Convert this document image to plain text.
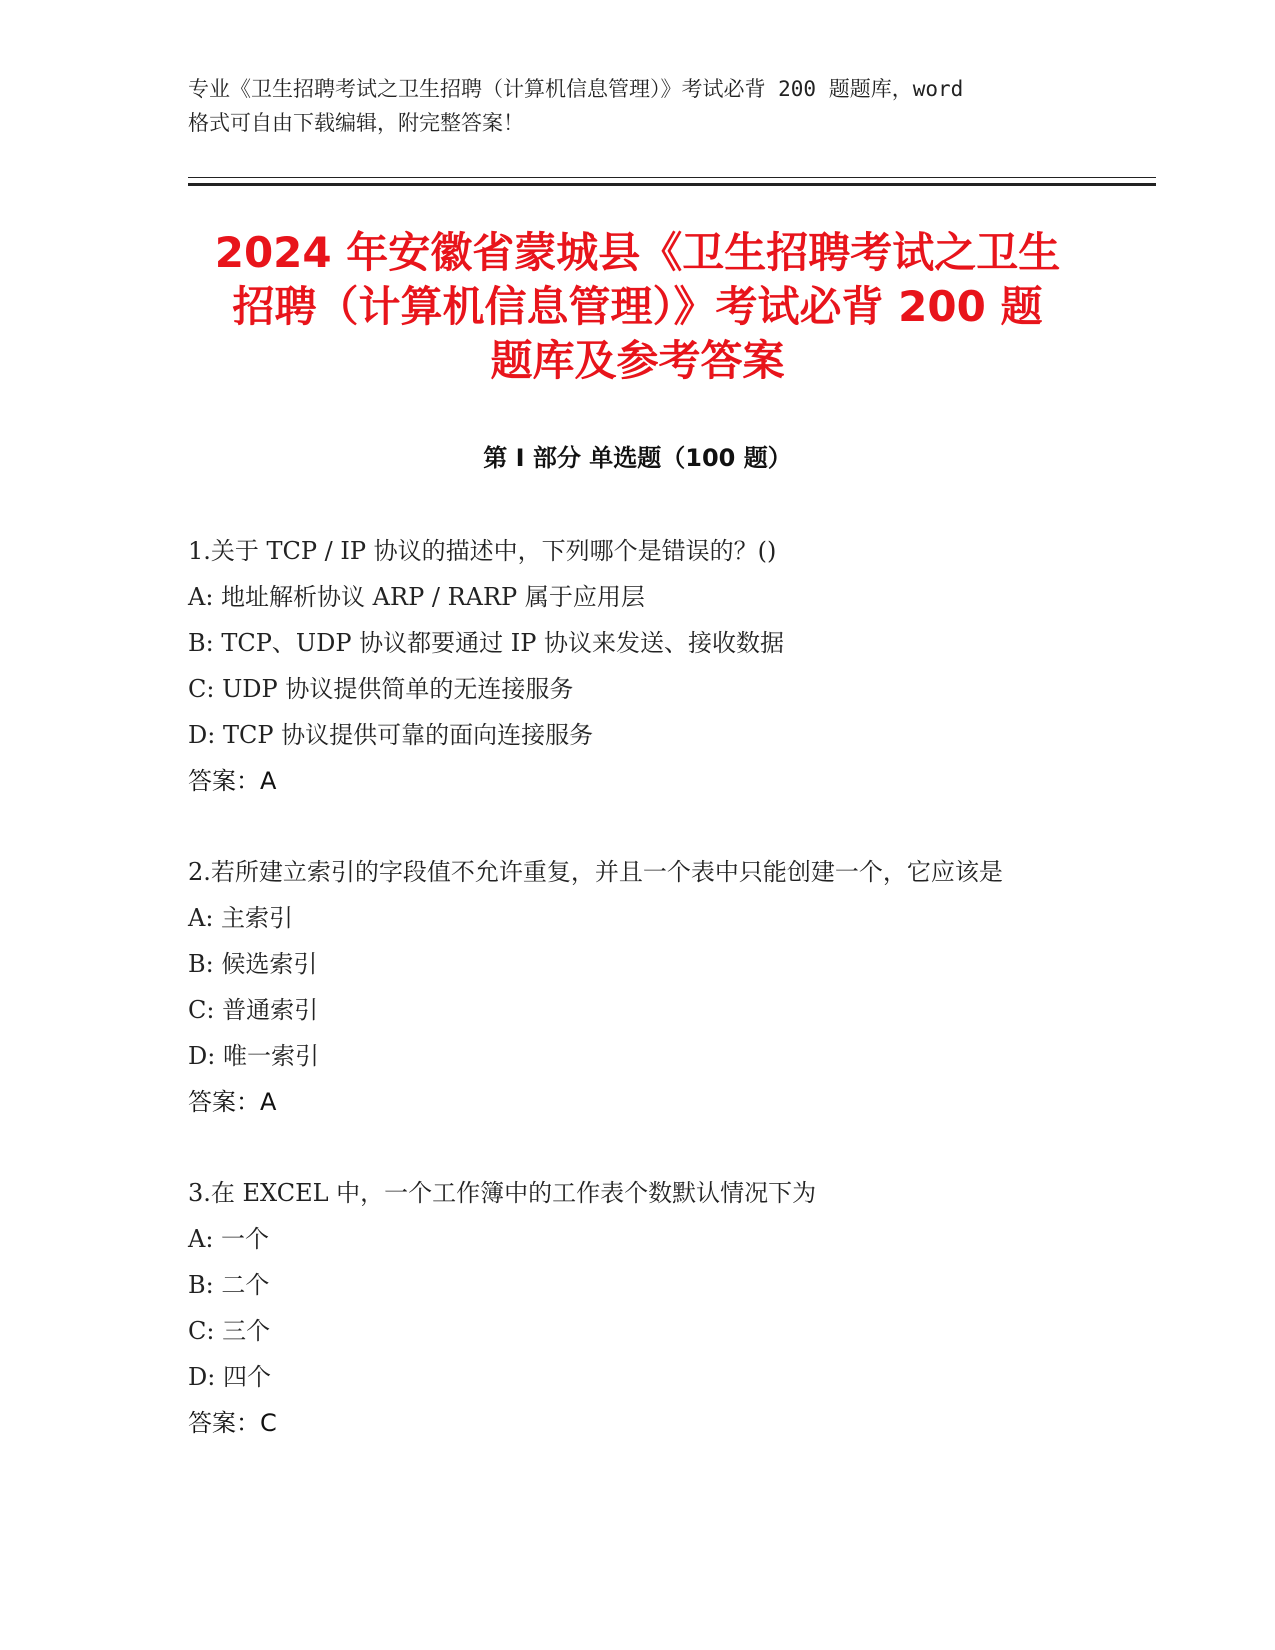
专业《卫生招聘考试之卫生招聘（计算机信息管理）》考试必背 200 题题库，word
格式可自由下载编辑，附完整答案！
2024 年安徽省蒙城县《卫生招聘考试之卫生
招聘（计算机信息管理）》考试必背 200 题
题库及参考答案
第 I 部分 单选题（100 题）
1.关于 TCP / IP 协议的描述中，下列哪个是错误的？()
A: 地址解析协议 ARP / RARP 属于应用层
B: TCP、UDP 协议都要通过 IP 协议来发送、接收数据
C: UDP 协议提供简单的无连接服务
D: TCP 协议提供可靠的面向连接服务
答案：A
2.若所建立索引的字段值不允许重复，并且一个表中只能创建一个，它应该是
A: 主索引
B: 候选索引
C: 普通索引
D: 唯一索引
答案：A
3.在 EXCEL 中，一个工作簿中的工作表个数默认情况下为
A: 一个
B: 二个
C: 三个
D: 四个
答案：C
